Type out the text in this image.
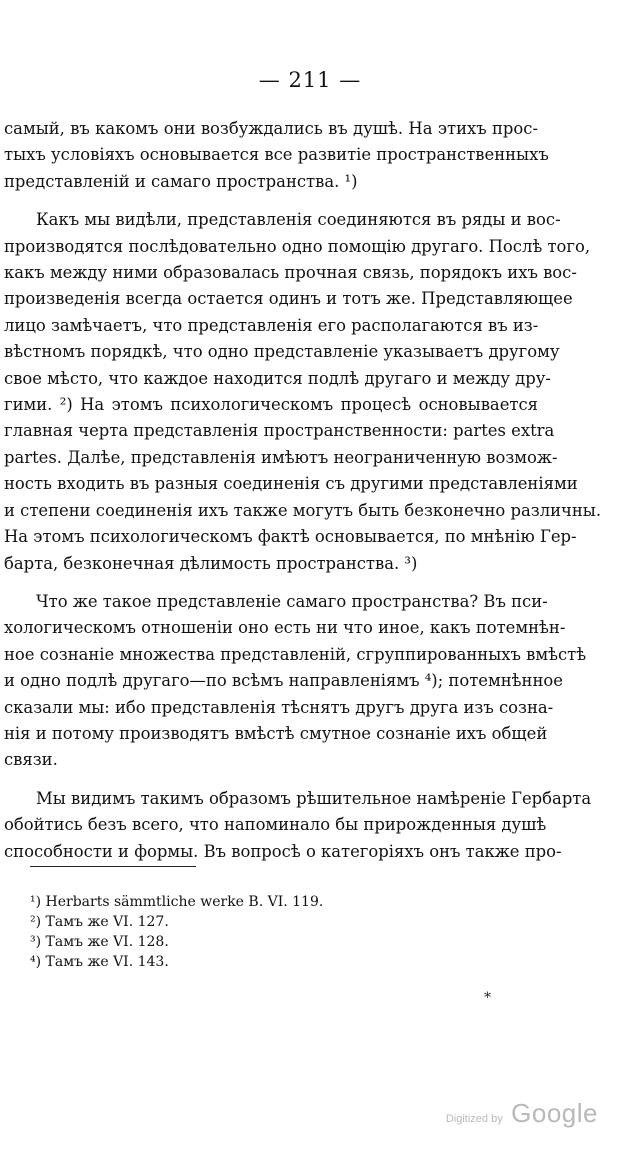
— 211 —
самый, въ какомъ они возбуждались въ душѣ. На этихъ прос-
тыхъ условіяхъ основывается все развитіе пространственныхъ
представленій и самаго пространства. ¹)
Какъ мы видѣли, представленія соединяются въ ряды и вос-
производятся послѣдовательно одно помощію другаго. Послѣ того,
какъ между ними образовалась прочная связь, порядокъ ихъ вос-
произведенія всегда остается одинъ и тотъ же. Представляющее
лицо замѣчаетъ, что представленія его располагаются въ из-
вѣстномъ порядкѣ, что одно представленіе указываетъ другому
свое мѣсто, что каждое находится подлѣ другаго и между дру-
гими. ²) На этомъ психологическомъ процесѣ основывается
главная черта представленія пространственности: partes extra
partes. Далѣе, представленія имѣютъ неограниченную возмож-
ность входить въ разныя соединенія съ другими представленіями
и степени соединенія ихъ также могутъ быть безконечно различны.
На этомъ психологическомъ фактѣ основывается, по мнѣнію Гер-
барта, безконечная дѣлимость пространства. ³)
Что же такое представленіе самаго пространства? Въ пси-
хологическомъ отношеніи оно есть ни что иное, какъ потемнѣн-
ное сознаніе множества представленій, сгруппированныхъ вмѣстѣ
и одно подлѣ другаго—по всѣмъ направленіямъ ⁴); потемнѣнное
сказали мы: ибо представленія тѣснятъ другъ друга изъ созна-
нія и потому производятъ вмѣстѣ смутное сознаніе ихъ общей
связи.
Мы видимъ такимъ образомъ рѣшительное намѣреніе Гербарта
обойтись безъ всего, что напоминало бы прирожденныя душѣ
способности и формы. Въ вопросѣ о категоріяхъ онъ также про-
¹) Herbarts sämmtliche werke B. VI. 119.
²) Тамъ же VI. 127.
³) Тамъ же VI. 128.
⁴) Тамъ же VI. 143.
*
Digitized by Google
